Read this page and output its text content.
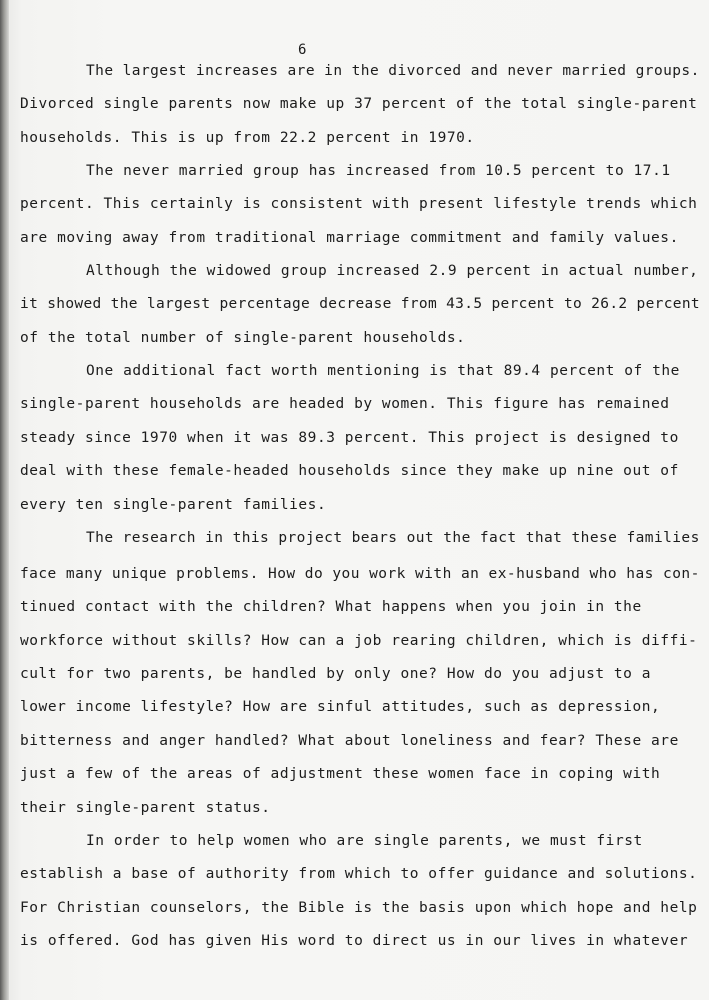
6
The largest increases are in the divorced and never married groups.
Divorced single parents now make up 37 percent of the total single-parent
households. This is up from 22.2 percent in 1970.
The never married group has increased from 10.5 percent to 17.1
percent. This certainly is consistent with present lifestyle trends which
are moving away from traditional marriage commitment and family values.
Although the widowed group increased 2.9 percent in actual number,
it showed the largest percentage decrease from 43.5 percent to 26.2 percent
of the total number of single-parent households.
One additional fact worth mentioning is that 89.4 percent of the
single-parent households are headed by women. This figure has remained
steady since 1970 when it was 89.3 percent. This project is designed to
deal with these female-headed households since they make up nine out of
every ten single-parent families.
The research in this project bears out the fact that these families
face many unique problems. How do you work with an ex-husband who has con-
tinued contact with the children? What happens when you join in the
workforce without skills? How can a job rearing children, which is diffi-
cult for two parents, be handled by only one? How do you adjust to a
lower income lifestyle? How are sinful attitudes, such as depression,
bitterness and anger handled? What about loneliness and fear? These are
just a few of the areas of adjustment these women face in coping with
their single-parent status.
In order to help women who are single parents, we must first
establish a base of authority from which to offer guidance and solutions.
For Christian counselors, the Bible is the basis upon which hope and help
is offered. God has given His word to direct us in our lives in whatever
